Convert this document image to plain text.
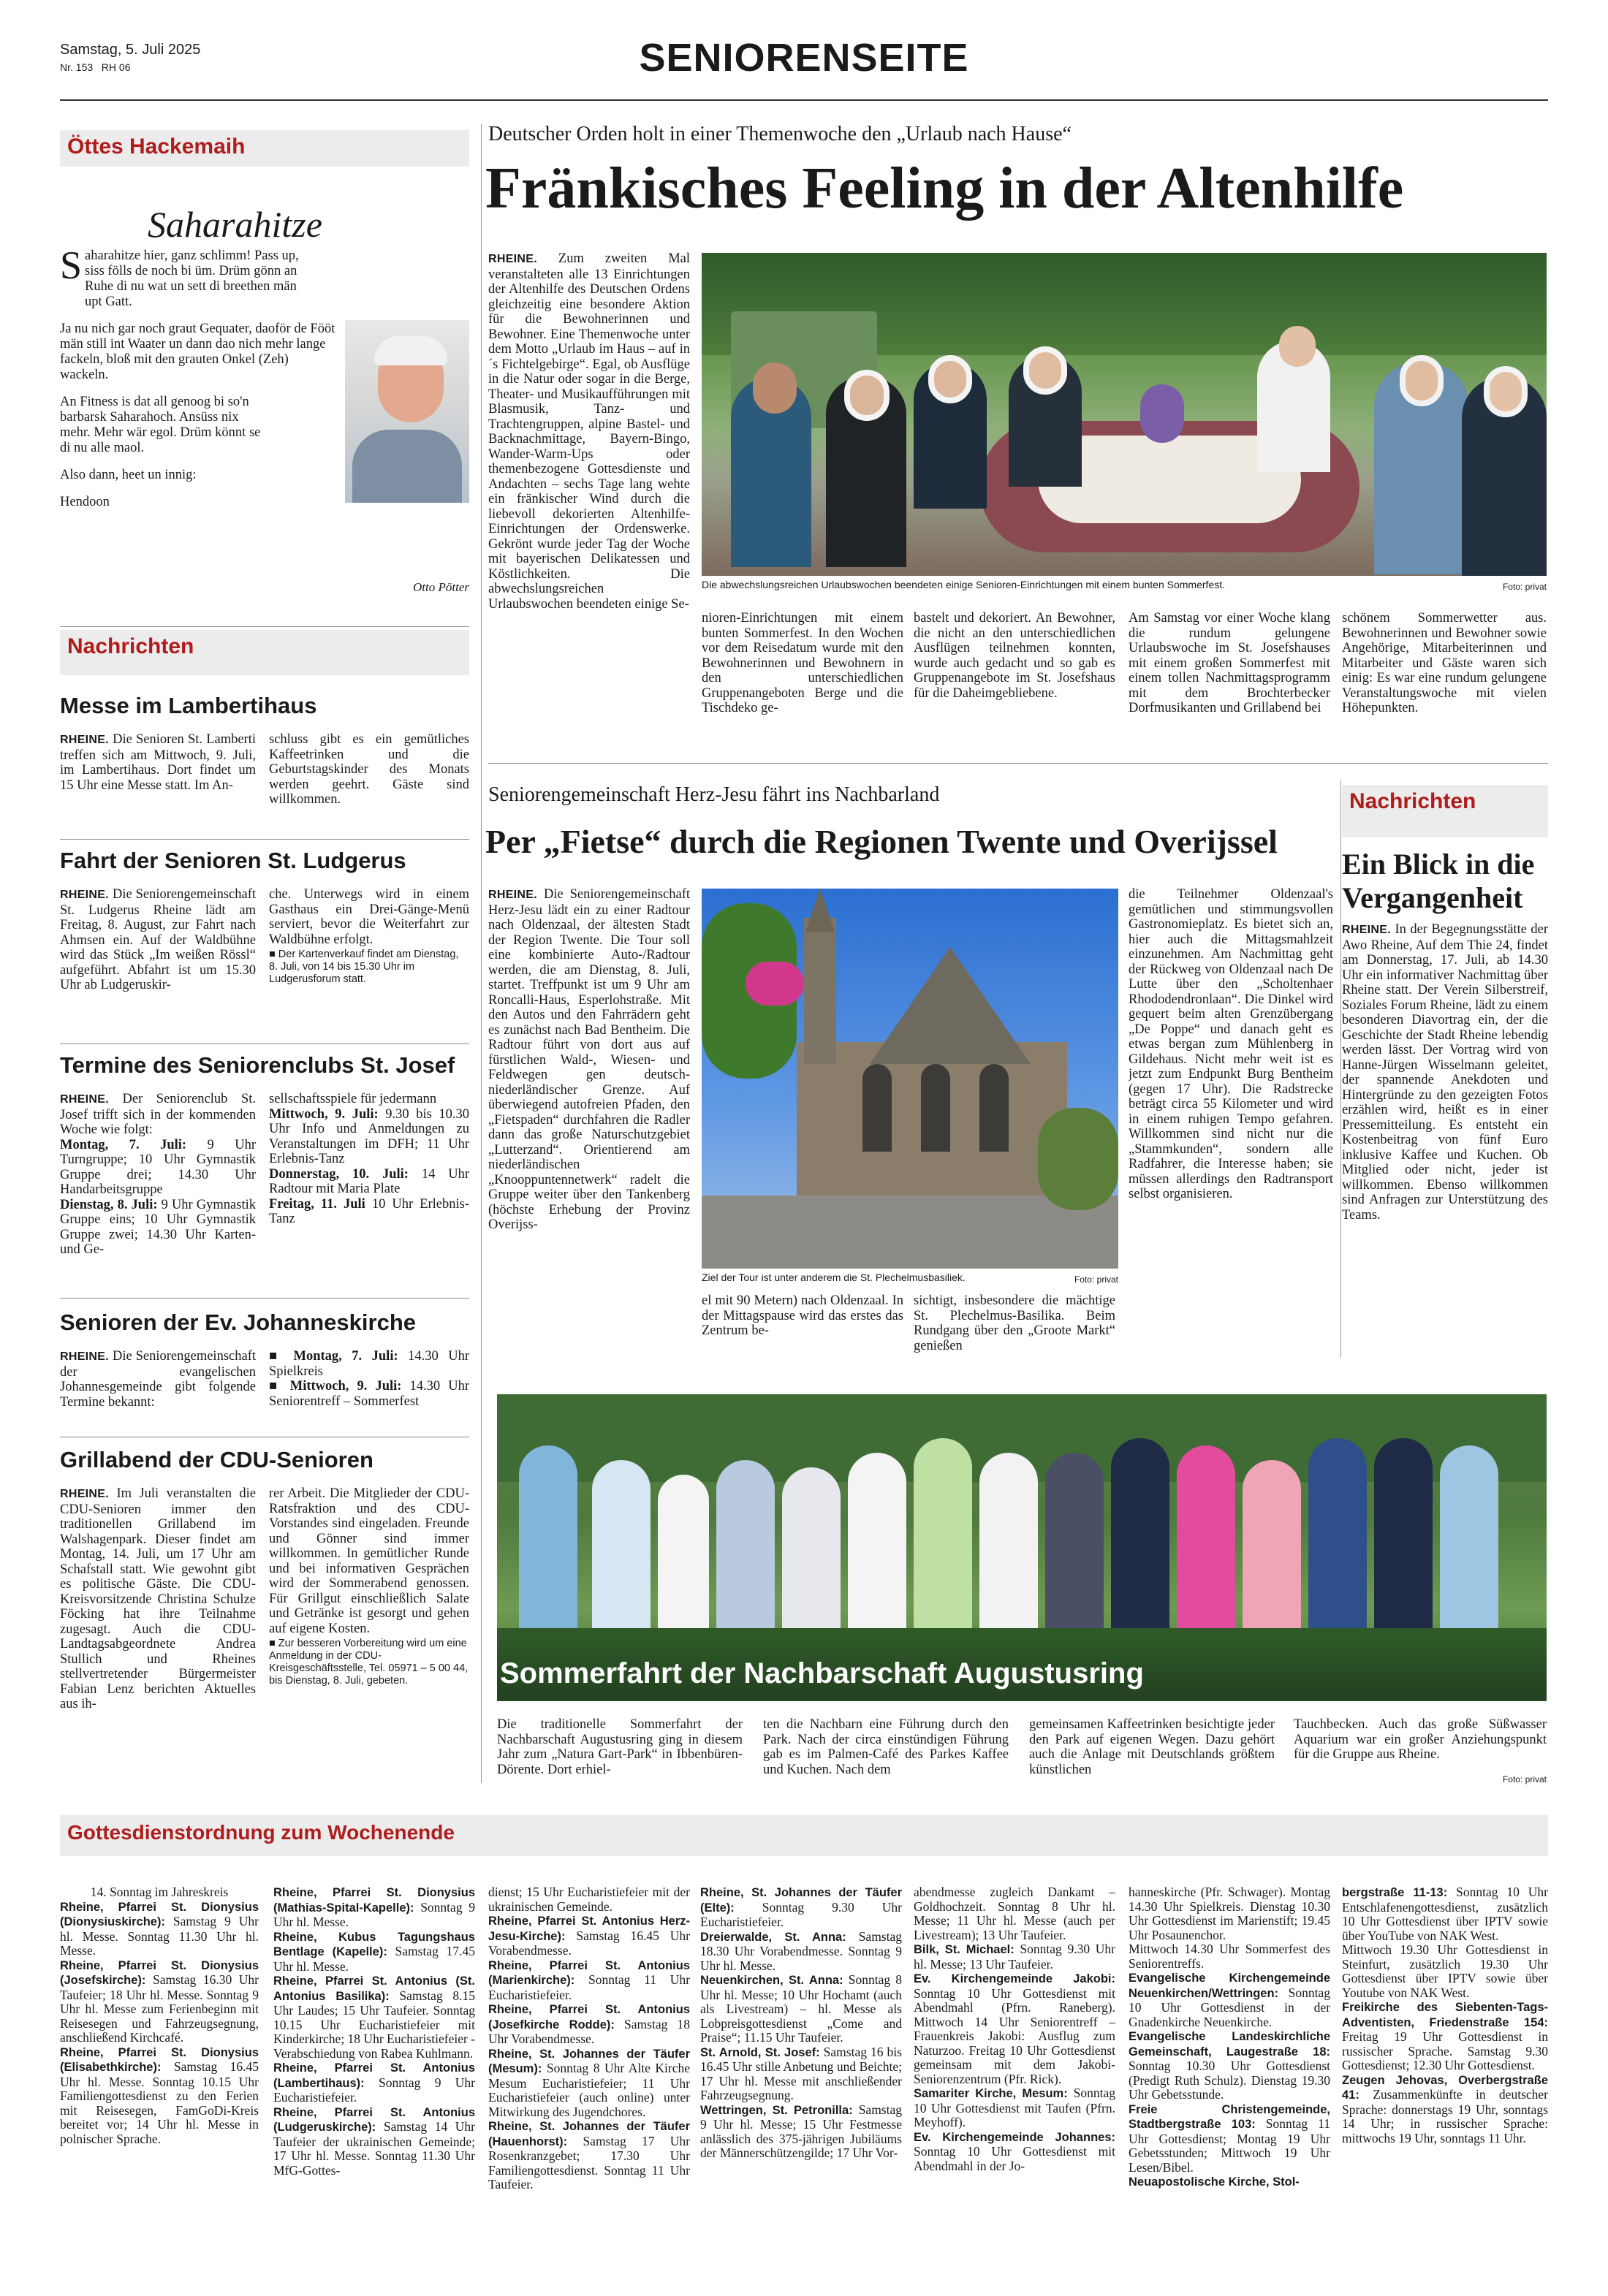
Samstag, 5. Juli 2025
Nr. 153   RH 06	SENIORENSEITE
Öttes Hackemaih
Saharahitze
S aharahitze hier, ganz schlimm! Pass up, siss fölls de noch bi üm. Drüm gönn an Ruhe di nu wat un sett di breethen män upt Gatt.
Ja nu nich gar noch graut Gequater, daoför de Fööt män still int Waater un dann dao nich mehr lange fackeln, bloß mit den grauten Onkel (Zeh) wackeln.
An Fitness is dat all genoog bi so'n barbarsk Saharahoch. Ansüss nix mehr. Mehr wär egol. Drüm könnt se di nu alle maol.
Also dann, heet un innig:
Hendoon
Otto Pötter
Nachrichten
Messe im Lambertihaus
RHEINE. Die Senioren St. Lamberti treffen sich am Mittwoch, 9. Juli, im Lambertihaus. Dort findet um 15 Uhr eine Messe statt. Im An-
schluss gibt es ein gemütliches Kaffeetrinken und die Geburtstagskinder des Monats werden geehrt. Gäste sind willkommen.
Fahrt der Senioren St. Ludgerus
RHEINE. Die Seniorengemeinschaft St. Ludgerus Rheine lädt am Freitag, 8. August, zur Fahrt nach Ahmsen ein. Auf der Waldbühne wird das Stück „Im weißen Rössl“ aufgeführt. Abfahrt ist um 15.30 Uhr ab Ludgeruskir-
che. Unterwegs wird in einem Gasthaus ein Drei-Gänge-Menü serviert, bevor die Weiterfahrt zur Waldbühne erfolgt.
■ Der Kartenverkauf findet am Dienstag, 8. Juli, von 14 bis 15.30 Uhr im Ludgerusforum statt.
Termine des Seniorenclubs St. Josef
RHEINE. Der Seniorenclub St. Josef trifft sich in der kommenden Woche wie folgt:
Montag, 7. Juli: 9 Uhr Turngruppe; 10 Uhr Gymnastik Gruppe drei; 14.30 Uhr Handarbeitsgruppe
Dienstag, 8. Juli: 9 Uhr Gymnastik Gruppe eins; 10 Uhr Gymnastik Gruppe zwei; 14.30 Uhr Karten- und Ge-
sellschaftsspiele für jedermann
Mittwoch, 9. Juli: 9.30 bis 10.30 Uhr Info und Anmeldungen zu Veranstaltungen im DFH; 11 Uhr Erlebnis-Tanz
Donnerstag, 10. Juli: 14 Uhr Radtour mit Maria Plate
Freitag, 11. Juli 10 Uhr Erlebnis-Tanz
Senioren der Ev. Johanneskirche
RHEINE. Die Seniorengemeinschaft der evangelischen Johannesgemeinde gibt folgende Termine bekannt:
■ Montag, 7. Juli: 14.30 Uhr Spielkreis
■ Mittwoch, 9. Juli: 14.30 Uhr Seniorentreff – Sommerfest
Grillabend der CDU-Senioren
RHEINE. Im Juli veranstalten die CDU-Senioren immer den traditionellen Grillabend im Walshagenpark. Dieser findet am Montag, 14. Juli, um 17 Uhr am Schafstall statt. Wie gewohnt gibt es politische Gäste. Die CDU-Kreisvorsitzende Christina Schulze Föcking hat ihre Teilnahme zugesagt. Auch die CDU-Landtagsabgeordnete Andrea Stullich und Rheines stellvertretender Bürgermeister Fabian Lenz berichten Aktuelles aus ih-
rer Arbeit. Die Mitglieder der CDU-Ratsfraktion und des CDU-Vorstandes sind eingeladen. Freunde und Gönner sind immer willkommen. In gemütlicher Runde und bei informativen Gesprächen wird der Sommerabend genossen. Für Grillgut einschließlich Salate und Getränke ist gesorgt und gehen auf eigene Kosten.
■ Zur besseren Vorbereitung wird um eine Anmeldung in der CDU-Kreisgeschäftsstelle, Tel. 05971 – 5 00 44, bis Dienstag, 8. Juli, gebeten.
Deutscher Orden holt in einer Themenwoche den „Urlaub nach Hause“
Fränkisches Feeling in der Altenhilfe
RHEINE. Zum zweiten Mal veranstalteten alle 13 Einrichtungen der Altenhilfe des Deutschen Ordens gleichzeitig eine besondere Aktion für die Bewohnerinnen und Bewohner. Eine Themenwoche unter dem Motto „Urlaub im Haus – auf in´s Fichtelgebirge“. Egal, ob Ausflüge in die Natur oder sogar in die Berge, Theater- und Musikaufführungen mit Blasmusik, Tanz- und Trachtengruppen, alpine Bastel- und Backnachmittage, Bayern-Bingo, Wander-Warm-Ups oder themenbezogene Gottesdienste und Andachten – sechs Tage lang wehte ein fränkischer Wind durch die liebevoll dekorierten Altenhilfe-Einrichtungen der Ordenswerke. Gekrönt wurde jeder Tag der Woche mit bayerischen Delikatessen und Köstlichkeiten. Die abwechslungsreichen Urlaubswochen beendeten einige Se-
Die abwechslungsreichen Urlaubswochen beendeten einige Senioren-Einrichtungen mit einem bunten Sommerfest.	Foto: privat
nioren-Einrichtungen mit einem bunten Sommerfest. In den Wochen vor dem Reisedatum wurde mit den Bewohnerinnen und Bewohnern in den unterschiedlichen Gruppenangeboten Berge und die Tischdeko ge-
bastelt und dekoriert. An Bewohner, die nicht an den unterschiedlichen Ausflügen teilnehmen konnten, wurde auch gedacht und so gab es Gruppenangebote im St. Josefshaus für die Daheimgebliebene.
Am Samstag vor einer Woche klang die rundum gelungene Urlaubswoche im St. Josefshauses mit einem großen Sommerfest mit einem tollen Nachmittagsprogramm mit dem Brochterbecker Dorfmusikanten und Grillabend bei
schönem Sommerwetter aus. Bewohnerinnen und Bewohner sowie Angehörige, Mitarbeiterinnen und Mitarbeiter und Gäste waren sich einig: Es war eine rundum gelungene Veranstaltungswoche mit vielen Höhepunkten.
Seniorengemeinschaft Herz-Jesu fährt ins Nachbarland
Per „Fietse“ durch die Regionen Twente und Overijssel
RHEINE. Die Seniorengemeinschaft Herz-Jesu lädt ein zu einer Radtour nach Oldenzaal, der ältesten Stadt der Region Twente. Die Tour soll eine kombinierte Auto-/Radtour werden, die am Dienstag, 8. Juli, startet. Treffpunkt ist um 9 Uhr am Roncalli-Haus, Esperlohstraße. Mit den Autos und den Fahrrädern geht es zunächst nach Bad Bentheim. Die Radtour führt von dort aus auf fürstlichen Wald-, Wiesen- und Feldwegen gen deutsch-niederländischer Grenze. Auf überwiegend autofreien Pfaden, den „Fietspaden“ durchfahren die Radler dann das große Naturschutzgebiet „Lutterzand“. Orientierend am niederländischen „Knooppuntennetwerk“ radelt die Gruppe weiter über den Tankenberg (höchste Erhebung der Provinz Overijss-
Ziel der Tour ist unter anderem die St. Plechelmusbasiliek.	Foto: privat
el mit 90 Metern) nach Oldenzaal. In der Mittagspause wird das erstes das Zentrum be-
sichtigt, insbesondere die mächtige St. Plechelmus-Basilika. Beim Rundgang über den „Groote Markt“ genießen
die Teilnehmer Oldenzaal's gemütlichen und stimmungsvollen Gastronomieplatz. Es bietet sich an, hier auch die Mittagsmahlzeit einzunehmen. Am Nachmittag geht der Rückweg von Oldenzaal nach De Lutte über den „Scholtenhaer Rhododendronlaan“. Die Dinkel wird gequert beim alten Grenzübergang „De Poppe“ und danach geht es etwas bergan zum Mühlenberg in Gildehaus. Nicht mehr weit ist es jetzt zum Endpunkt Burg Bentheim (gegen 17 Uhr). Die Radstrecke beträgt circa 55 Kilometer und wird in einem ruhigen Tempo gefahren. Willkommen sind nicht nur die „Stammkunden“, sondern alle Radfahrer, die Interesse haben; sie müssen allerdings den Radtransport selbst organisieren.
Nachrichten
Ein Blick in die Vergangenheit
RHEINE. In der Begegnungsstätte der Awo Rheine, Auf dem Thie 24, findet am Donnerstag, 17. Juli, ab 14.30 Uhr ein informativer Nachmittag über Rheine statt. Der Verein Silberstreif, Soziales Forum Rheine, lädt zu einem besonderen Diavortrag ein, der die Geschichte der Stadt Rheine lebendig werden lässt. Der Vortrag wird von Hanne-Jürgen Wisselmann geleitet, der spannende Anekdoten und Hintergründe zu den gezeigten Fotos erzählen wird, heißt es in einer Pressemitteilung. Es entsteht ein Kostenbeitrag von fünf Euro inklusive Kaffee und Kuchen. Ob Mitglied oder nicht, jeder ist willkommen. Ebenso willkommen sind Anfragen zur Unterstützung des Teams.
Sommerfahrt der Nachbarschaft Augustusring
Die traditionelle Sommerfahrt der Nachbarschaft Augustusring ging in diesem Jahr zum „Natura Gart-Park“ in Ibbenbüren-Dörente. Dort erhiel-
ten die Nachbarn eine Führung durch den Park. Nach der circa einstündigen Führung gab es im Palmen-Café des Parkes Kaffee und Kuchen. Nach dem
gemeinsamen Kaffeetrinken besichtigte jeder den Park auf eigenen Wegen. Dazu gehört auch die Anlage mit Deutschlands größtem künstlichen
Tauchbecken. Auch das große Süßwasser Aquarium war ein großer Anziehungspunkt für die Gruppe aus Rheine.
Foto: privat
Gottesdienstordnung zum Wochenende

14. Sonntag im Jahreskreis

Rheine, Pfarrei St. Dionysius (Dionysiuskirche): Samstag 9 Uhr hl. Messe. Sonntag 11.30 Uhr hl. Messe.

Rheine, Pfarrei St. Dionysius (Josefskirche): Samstag 16.30 Uhr Taufeier; 18 Uhr hl. Messe. Sonntag 9 Uhr hl. Messe zum Ferienbeginn mit Reisesegen und Fahrzeugsegnung, anschließend Kirchcafé.

Rheine, Pfarrei St. Dionysius (Elisabethkirche): Samstag 16.45 Uhr hl. Messe. Sonntag 10.15 Uhr Familiengottesdienst zu den Ferien mit Reisesegen, FamGoDi-Kreis bereitet vor; 14 Uhr hl. Messe in polnischer Sprache.

Rheine, Pfarrei St. Dionysius (Mathias-Spital-Kapelle): Sonntag 9 Uhr hl. Messe.

Rheine, Kubus Tagungshaus Bentlage (Kapelle): Samstag 17.45 Uhr hl. Messe.

Rheine, Pfarrei St. Antonius (St. Antonius Basilika): Samstag 8.15 Uhr Laudes; 15 Uhr Taufeier. Sonntag 10.15 Uhr Eucharistiefeier mit Kinderkirche; 18 Uhr Eucharistiefeier - Verabschiedung von Rabea Kuhlmann.

Rheine, Pfarrei St. Antonius (Lambertihaus): Sonntag 9 Uhr Eucharistiefeier.

Rheine, Pfarrei St. Antonius (Ludgeruskirche): Samstag 14 Uhr Taufeier der ukrainischen Gemeinde; 17 Uhr hl. Messe. Sonntag 11.30 Uhr MfG-Gottes-

dienst; 15 Uhr Eucharistiefeier mit der ukrainischen Gemeinde.

Rheine, Pfarrei St. Antonius Herz-Jesu-Kirche): Samstag 16.45 Uhr Vorabendmesse.

Rheine, Pfarrei St. Antonius (Marienkirche): Sonntag 11 Uhr Eucharistiefeier.

Rheine, Pfarrei St. Antonius (Josefkirche Rodde): Samstag 18 Uhr Vorabendmesse.

Rheine, St. Johannes der Täufer (Mesum): Sonntag 8 Uhr Alte Kirche Mesum Eucharistiefeier; 11 Uhr Eucharistiefeier (auch online) unter Mitwirkung des Jugendchores.

Rheine, St. Johannes der Täufer (Hauenhorst): Samstag 17 Uhr Rosenkranzgebet; 17.30 Uhr Familiengottesdienst. Sonntag 11 Uhr Taufeier.

Rheine, St. Johannes der Täufer (Elte): Sonntag 9.30 Uhr Eucharistiefeier.

Dreierwalde, St. Anna: Samstag 18.30 Uhr Vorabendmesse. Sonntag 9 Uhr hl. Messe.

Neuenkirchen, St. Anna: Sonntag 8 Uhr hl. Messe; 10 Uhr Hochamt (auch als Livestream) – hl. Messe als Lobpreisgottesdienst „Come and Praise“; 11.15 Uhr Taufeier.

St. Arnold, St. Josef: Samstag 16 bis 16.45 Uhr stille Anbetung und Beichte; 17 Uhr hl. Messe mit anschließender Fahrzeugsegnung.

Wettringen, St. Petronilla: Samstag 9 Uhr hl. Messe; 15 Uhr Festmesse anlässlich des 375-jährigen Jubiläums der Männerschützengilde; 17 Uhr Vor-

abendmesse zugleich Dankamt – Goldhochzeit. Sonntag 8 Uhr hl. Messe; 11 Uhr hl. Messe (auch per Livestream); 13 Uhr Taufeier.

Bilk, St. Michael: Sonntag 9.30 Uhr hl. Messe; 13 Uhr Taufeier.

Ev. Kirchengemeinde Jakobi: Sonntag 10 Uhr Gottesdienst mit Abendmahl (Pfrn. Raneberg). Mittwoch 14 Uhr Seniorentreff – Frauenkreis Jakobi: Ausflug zum Naturzoo. Freitag 10 Uhr Gottesdienst gemeinsam mit dem Jakobi-Seniorenzentrum (Pfr. Rick).

Samariter Kirche, Mesum: Sonntag 10 Uhr Gottesdienst mit Taufen (Pfrn. Meyhoff).

Ev. Kirchengemeinde Johannes: Sonntag 10 Uhr Gottesdienst mit Abendmahl in der Jo-

hanneskirche (Pfr. Schwager). Montag 14.30 Uhr Spielkreis. Dienstag 10.30 Uhr Gottesdienst im Marienstift; 19.45 Uhr Posaunenchor.

Mittwoch 14.30 Uhr Sommerfest des Seniorentreffs.

Evangelische Kirchengemeinde Neuenkirchen/Wettringen: Sonntag 10 Uhr Gottesdienst in der Gnadenkirche Neuenkirche.

Evangelische Landeskirchliche Gemeinschaft, Laugestraße 18: Sonntag 10.30 Uhr Gottesdienst (Predigt Ruth Schulz). Dienstag 19.30 Uhr Gebetsstunde.

Freie Christengemeinde, Stadtbergstraße 103: Sonntag 11 Uhr Gottesdienst; Montag 19 Uhr Gebetsstunden; Mittwoch 19 Uhr Lesen/Bibel.

Neuapostolische Kirche, Stol-

bergstraße 11-13: Sonntag 10 Uhr Entschlafenengottesdienst, zusätzlich 10 Uhr Gottesdienst über IPTV sowie über YouTube von NAK West.

Mittwoch 19.30 Uhr Gottesdienst in Steinfurt, zusätzlich 19.30 Uhr Gottesdienst über IPTV sowie über Youtube von NAK West.

Freikirche des Siebenten-Tags-Adventisten, Friedenstraße 154: Freitag 19 Uhr Gottesdienst in russischer Sprache. Samstag 9.30 Gottesdienst; 12.30 Uhr Gottesdienst.

Zeugen Jehovas, Overbergstraße 41: Zusammenkünfte in deutscher Sprache: donnerstags 19 Uhr, sonntags 14 Uhr; in russischer Sprache: mittwochs 19 Uhr, sonntags 11 Uhr.
